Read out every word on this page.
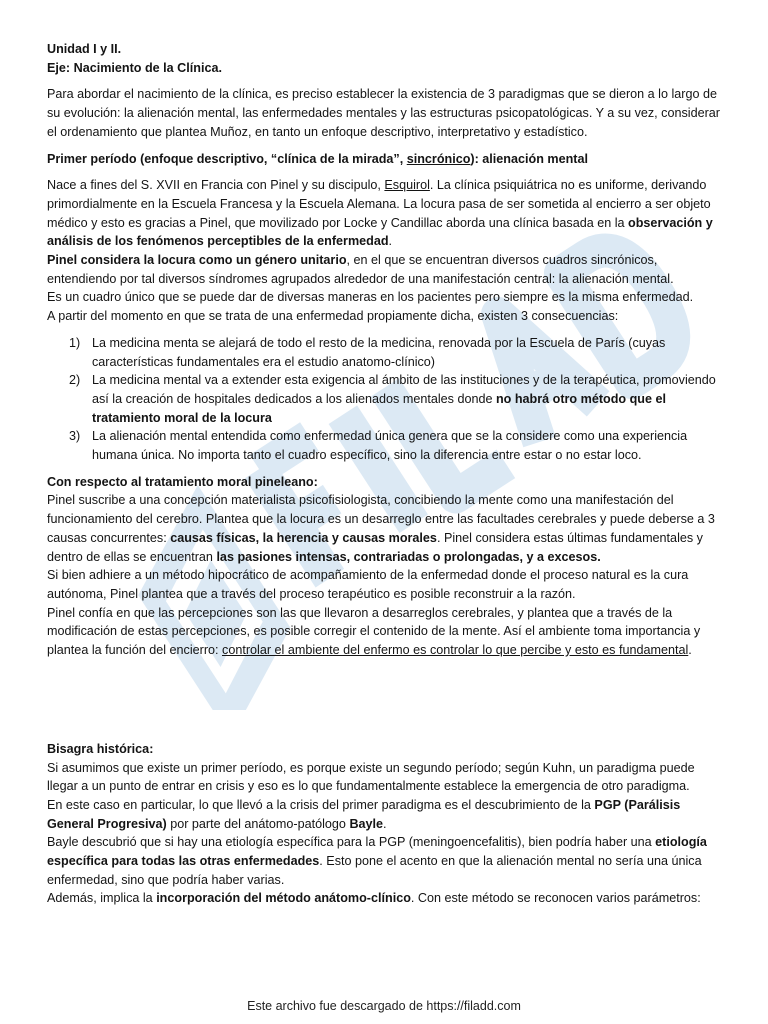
Unidad I y II.

Eje: Nacimiento de la Clínica.

Para abordar el nacimiento de la clínica, es preciso establecer la existencia de 3 paradigmas que se dieron a lo largo de su evolución: la alienación mental, las enfermedades mentales y las estructuras psicopatológicas. Y a su vez, considerar el ordenamiento que plantea Muñoz, en tanto un enfoque descriptivo, interpretativo y estadístico.

Primer período (enfoque descriptivo, “clínica de la mirada”, sincrónico): alienación mental

Nace a fines del S. XVII en Francia con Pinel y su discipulo, Esquirol. La clínica psiquiátrica no es uniforme, derivando primordialmente en la Escuela Francesa y la Escuela Alemana. La locura pasa de ser sometida al encierro a ser objeto médico y esto es gracias a Pinel, que movilizado por Locke y Candillac aborda una clínica basada en la observación y análisis de los fenómenos perceptibles de la enfermedad.

Pinel considera la locura como un género unitario, en el que se encuentran diversos cuadros sincrónicos, entendiendo por tal diversos síndromes agrupados alrededor de una manifestación central: la alienación mental.

Es un cuadro único que se puede dar de diversas maneras en los pacientes pero siempre es la misma enfermedad.

A partir del momento en que se trata de una enfermedad propiamente dicha, existen 3 consecuencias:

1) La medicina menta se alejará de todo el resto de la medicina, renovada por la Escuela de París (cuyas características fundamentales era el estudio anatomo-clínico)
2) La medicina mental va a extender esta exigencia al ámbito de las instituciones y de la terapéutica, promoviendo así la creación de hospitales dedicados a los alienados mentales donde no habrá otro método que el tratamiento moral de la locura
3) La alienación mental entendida como enfermedad única genera que se la considere como una experiencia humana única. No importa tanto el cuadro específico, sino la diferencia entre estar o no estar loco.

Con respecto al tratamiento moral pineleano:

Pinel suscribe a una concepción materialista psicofisiologista, concibiendo la mente como una manifestación del funcionamiento del cerebro. Plantea que la locura es un desarreglo entre las facultades cerebrales y puede deberse a 3 causas concurrentes: causas físicas, la herencia y causas morales. Pinel considera estas últimas fundamentales y dentro de ellas se encuentran las pasiones intensas, contrariadas o prolongadas, y a excesos.

Si bien adhiere a un método hipocrático de acompañamiento de la enfermedad donde el proceso natural es la cura autónoma, Pinel plantea que a través del proceso terapéutico es posible reconstruir a la razón.

Pinel confía en que las percepciones son las que llevaron a desarreglos cerebrales, y plantea que a través de la modificación de estas percepciones, es posible corregir el contenido de la mente. Así el ambiente toma importancia y plantea la función del encierro: controlar el ambiente del enfermo es controlar lo que percibe y esto es fundamental.

Bisagra histórica:

Si asumimos que existe un primer período, es porque existe un segundo período; según Kuhn, un paradigma puede llegar a un punto de entrar en crisis y eso es lo que fundamentalmente establece la emergencia de otro paradigma.

En este caso en particular, lo que llevó a la crisis del primer paradigma es el descubrimiento de la PGP (Parálisis General Progresiva) por parte del anátomo-patólogo Bayle.

Bayle descubrió que si hay una etiología específica para la PGP (meningoencefalitis), bien podría haber una etiología específica para todas las otras enfermedades. Esto pone el acento en que la alienación mental no sería una única enfermedad, sino que podría haber varias.

Además, implica la incorporación del método anátomo-clínico. Con este método se reconocen varios parámetros:

Este archivo fue descargado de https://filadd.com
